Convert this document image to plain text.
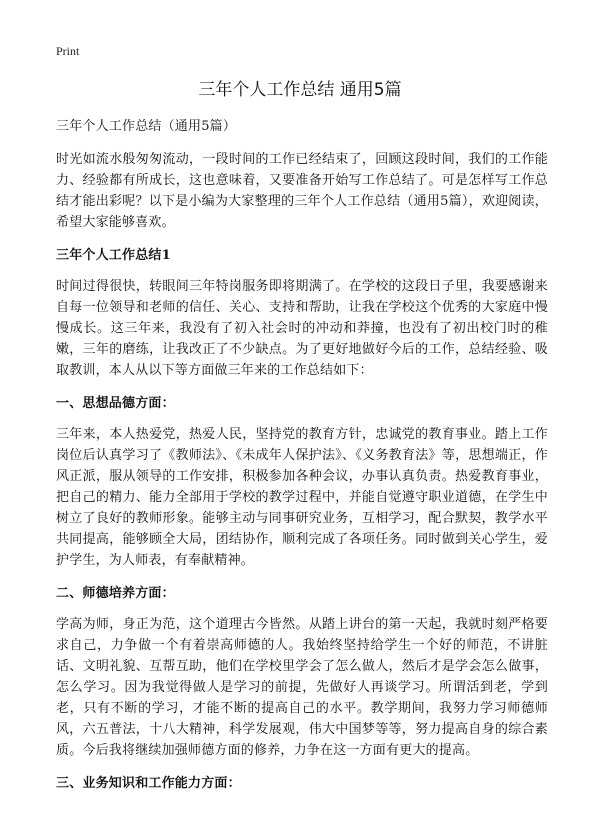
Print
三年个人工作总结 通用5篇

三年个人工作总结（通用5篇）

时光如流水般匆匆流动，一段时间的工作已经结束了，回顾这段时间，我们的工作能力、经验都有所成长，这也意味着，又要准备开始写工作总结了。可是怎样写工作总结才能出彩呢？以下是小编为大家整理的三年个人工作总结（通用5篇），欢迎阅读，希望大家能够喜欢。

三年个人工作总结1

时间过得很快，转眼间三年特岗服务即将期满了。在学校的这段日子里，我要感谢来自每一位领导和老师的信任、关心、支持和帮助，让我在学校这个优秀的大家庭中慢慢成长。这三年来，我没有了初入社会时的冲动和莽撞，也没有了初出校门时的稚嫩，三年的磨练，让我改正了不少缺点。为了更好地做好今后的工作，总结经验、吸取教训，本人从以下等方面做三年来的工作总结如下：

一、思想品德方面：

三年来，本人热爱党，热爱人民，坚持党的教育方针，忠诚党的教育事业。踏上工作岗位后认真学习了《教师法》、《未成年人保护法》、《义务教育法》等，思想端正，作风正派，服从领导的工作安排，积极参加各种会议，办事认真负责。热爱教育事业，把自己的精力、能力全部用于学校的教学过程中，并能自觉遵守职业道德，在学生中树立了良好的教师形象。能够主动与同事研究业务，互相学习，配合默契，教学水平共同提高，能够顾全大局，团结协作，顺利完成了各项任务。同时做到关心学生，爱护学生，为人师表，有奉献精神。

二、师德培养方面：

学高为师，身正为范，这个道理古今皆然。从踏上讲台的第一天起，我就时刻严格要求自己，力争做一个有着崇高师德的人。我始终坚持给学生一个好的师范，不讲脏话、文明礼貌、互帮互助，他们在学校里学会了怎么做人，然后才是学会怎么做事，怎么学习。因为我觉得做人是学习的前提，先做好人再谈学习。所谓活到老，学到老，只有不断的学习，才能不断的提高自己的水平。教学期间，我努力学习师德师风，六五普法，十八大精神，科学发展观，伟大中国梦等等，努力提高自身的综合素质。今后我将继续加强师德方面的修养，力争在这一方面有更大的提高。

三、业务知识和工作能力方面：
